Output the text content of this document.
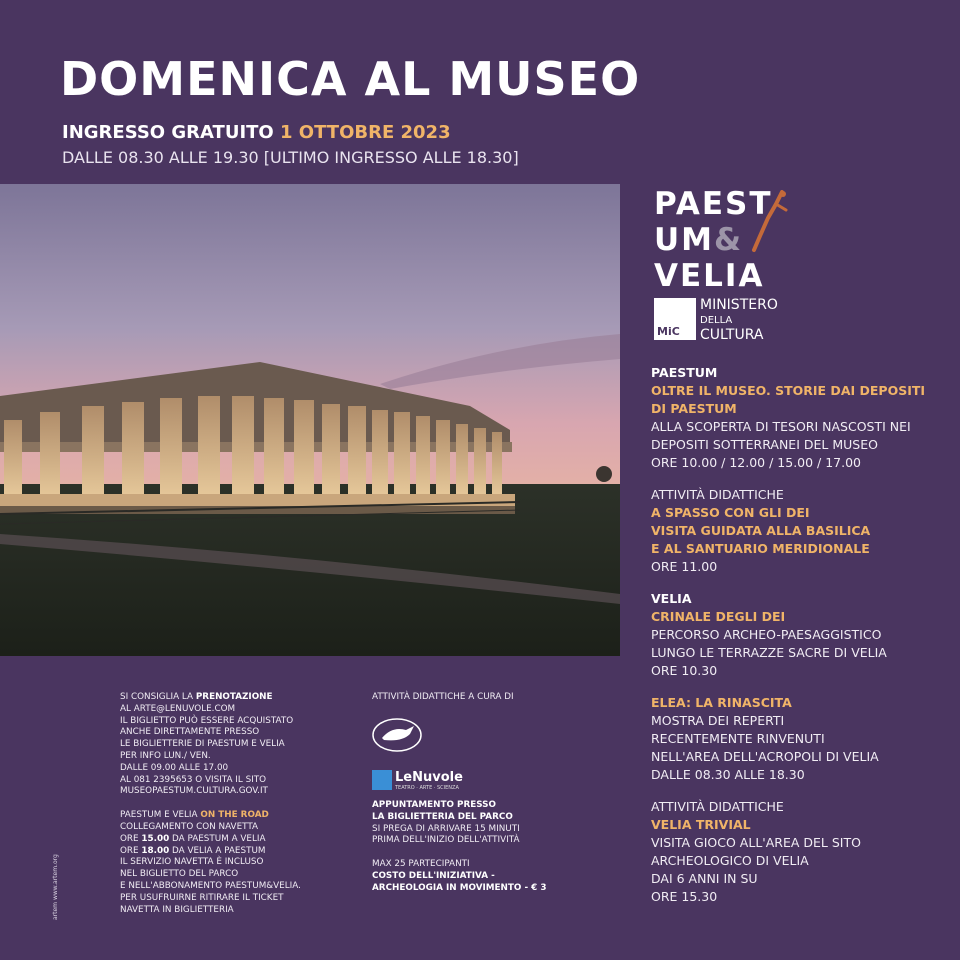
DOMENICA AL MUSEO
INGRESSO GRATUITO 1 OTTOBRE 2023
DALLE 08.30 ALLE 19.30 [ULTIMO INGRESSO ALLE 18.30]
PAEST
UM&
VELIA
MiC
MINISTERO
DELLA
CULTURA
PAESTUM
OLTRE IL MUSEO. STORIE DAI DEPOSITI
DI PAESTUM
ALLA SCOPERTA DI TESORI NASCOSTI NEI
DEPOSITI SOTTERRANEI DEL MUSEO
ORE 10.00 / 12.00 / 15.00 / 17.00
ATTIVITÀ DIDATTICHE
A SPASSO CON GLI DEI
VISITA GUIDATA ALLA BASILICA
E AL SANTUARIO MERIDIONALE
ORE 11.00
VELIA
CRINALE DEGLI DEI
PERCORSO ARCHEO-PAESAGGISTICO
LUNGO LE TERRAZZE SACRE DI VELIA
ORE 10.30
ELEA: LA RINASCITA
MOSTRA DEI REPERTI
RECENTEMENTE RINVENUTI
NELL'AREA DELL'ACROPOLI DI VELIA
DALLE 08.30 ALLE 18.30
ATTIVITÀ DIDATTICHE
VELIA TRIVIAL
VISITA GIOCO ALL'AREA DEL SITO
ARCHEOLOGICO DI VELIA
DAI 6 ANNI IN SU
ORE 15.30
SI CONSIGLIA LA PRENOTAZIONE
AL ARTE@LENUVOLE.COM
IL BIGLIETTO PUÒ ESSERE ACQUISTATO
ANCHE DIRETTAMENTE PRESSO
LE BIGLIETTERIE DI PAESTUM E VELIA
PER INFO LUN./ VEN.
DALLE 09.00 ALLE 17.00
AL 081 2395653 O VISITA IL SITO
MUSEOPAESTUM.CULTURA.GOV.IT
PAESTUM E VELIA ON THE ROAD
COLLEGAMENTO CON NAVETTA
ORE 15.00 DA PAESTUM A VELIA
ORE 18.00 DA VELIA A PAESTUM
IL SERVIZIO NAVETTA È INCLUSO
NEL BIGLIETTO DEL PARCO
E NELL'ABBONAMENTO PAESTUM&VELIA.
PER USUFRUIRNE RITIRARE IL TICKET
NAVETTA IN BIGLIETTERIA
ATTIVITÀ DIDATTICHE A CURA DI
LeNuvole
TEATRO · ARTE · SCIENZA
APPUNTAMENTO PRESSO
LA BIGLIETTERIA DEL PARCO
SI PREGA DI ARRIVARE 15 MINUTI
PRIMA DELL'INIZIO DELL'ATTIVITÀ
MAX 25 PARTECIPANTI
COSTO DELL'INIZIATIVA -
ARCHEOLOGIA IN MOVIMENTO - € 3
artem www.artem.org
